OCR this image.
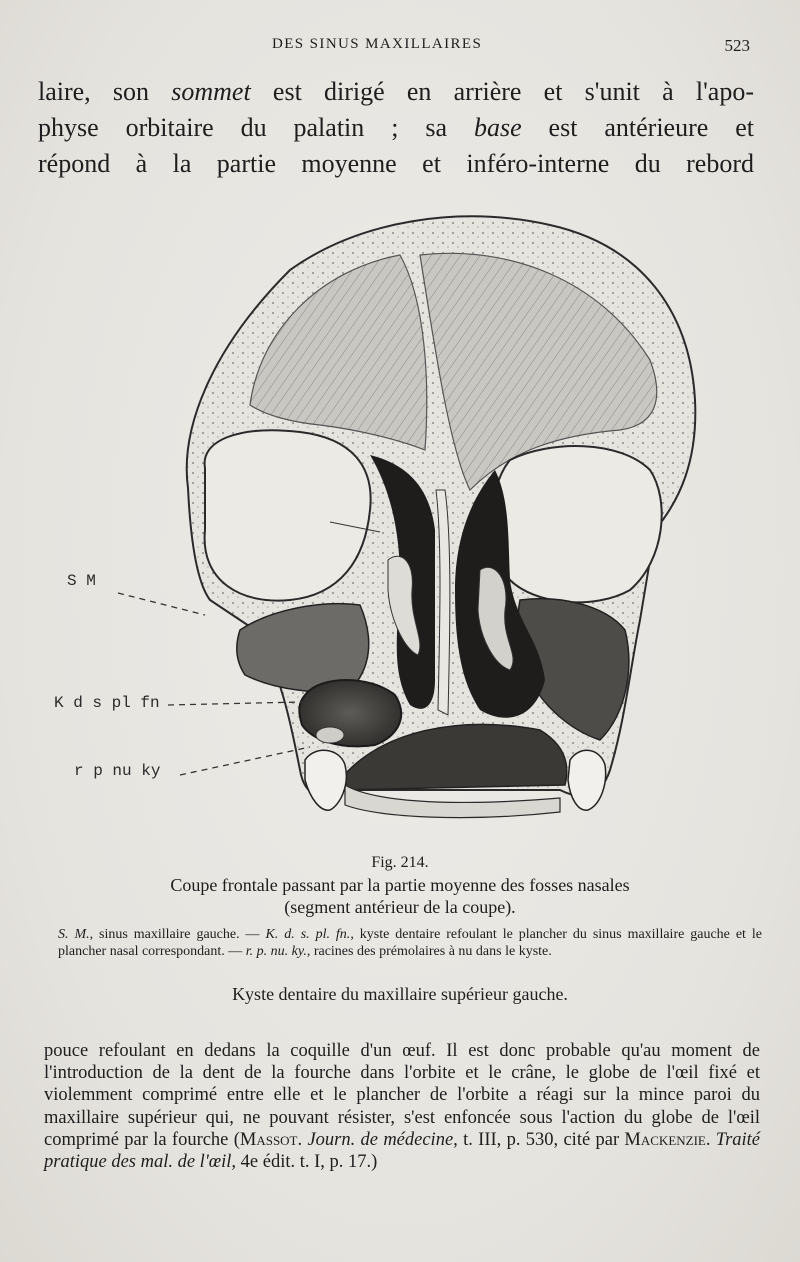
DES SINUS MAXILLAIRES	523
laire, son sommet est dirigé en arrière et s'unit à l'apo-
physe orbitaire du palatin ; sa base est antérieure et
répond à la partie moyenne et inféro-interne du rebord
S M
K d s pl fn
r p nu ky
Fig. 214.
Coupe frontale passant par la partie moyenne des fosses nasales
(segment antérieur de la coupe).
S. M., sinus maxillaire gauche. — K. d. s. pl. fn., kyste dentaire refoulant le plancher du sinus maxillaire gauche et le plancher nasal correspondant. — r. p. nu. ky., racines des prémolaires à nu dans le kyste.
Kyste dentaire du maxillaire supérieur gauche.
pouce refoulant en dedans la coquille d'un œuf. Il est donc probable qu'au moment de l'introduction de la dent de la fourche dans l'orbite et le crâne, le globe de l'œil fixé et violemment comprimé entre elle et le plancher de l'orbite a réagi sur la mince paroi du maxillaire supérieur qui, ne pouvant résister, s'est enfoncée sous l'action du globe de l'œil comprimé par la fourche (Massot. Journ. de médecine, t. III, p. 530, cité par Mackenzie. Traité pratique des mal. de l'œil, 4e édit. t. I, p. 17.)
